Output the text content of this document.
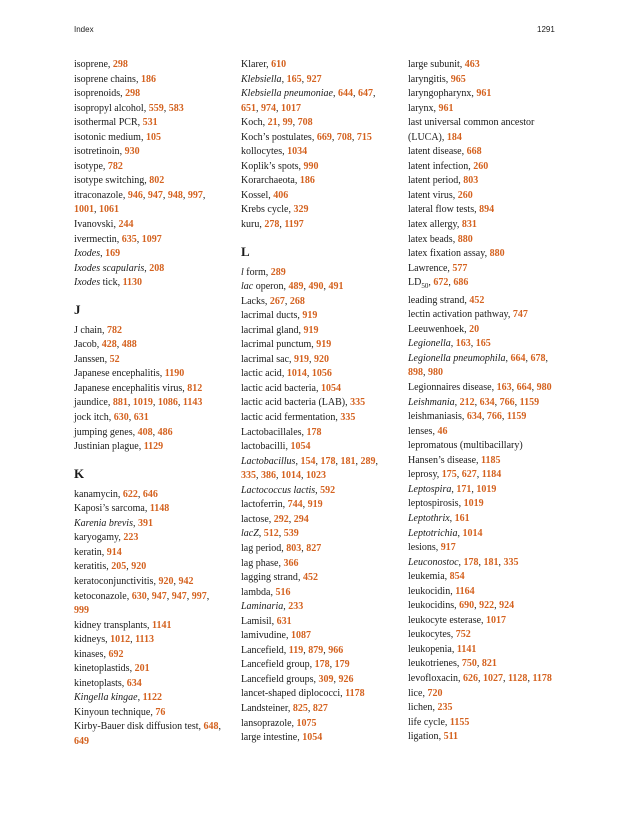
Index	1291
isoprene, 298
isoprene chains, 186
isoprenoids, 298
isopropyl alcohol, 559, 583
isothermal PCR, 531
isotonic medium, 105
isotretinoin, 930
isotype, 782
isotype switching, 802
itraconazole, 946, 947, 948, 997, 1001, 1061
Ivanovski, 244
ivermectin, 635, 1097
Ixodes, 169
Ixodes scapularis, 208
Ixodes tick, 1130
J
J chain, 782
Jacob, 428, 488
Janssen, 52
Japanese encephalitis, 1190
Japanese encephalitis virus, 812
jaundice, 881, 1019, 1086, 1143
jock itch, 630, 631
jumping genes, 408, 486
Justinian plague, 1129
K
kanamycin, 622, 646
Kaposi’s sarcoma, 1148
Karenia brevis, 391
karyogamy, 223
keratin, 914
keratitis, 205, 920
keratoconjunctivitis, 920, 942
ketoconazole, 630, 947, 947, 997, 999
kidney transplants, 1141
kidneys, 1012, 1113
kinases, 692
kinetoplastids, 201
kinetoplasts, 634
Kingella kingae, 1122
Kinyoun technique, 76
Kirby-Bauer disk diffusion test, 648, 649
Klarer, 610
Klebsiella, 165, 927
Klebsiella pneumoniae, 644, 647, 651, 974, 1017
Koch, 21, 99, 708
Koch’s postulates, 669, 708, 715
kollocytes, 1034
Koplik’s spots, 990
Korarchaeota, 186
Kossel, 406
Krebs cycle, 329
kuru, 278, 1197
L
l form, 289
lac operon, 489, 490, 491
Lacks, 267, 268
lacrimal ducts, 919
lacrimal gland, 919
lacrimal punctum, 919
lacrimal sac, 919, 920
lactic acid, 1014, 1056
lactic acid bacteria, 1054
lactic acid bacteria (LAB), 335
lactic acid fermentation, 335
Lactobacillales, 178
lactobacilli, 1054
Lactobacillus, 154, 178, 181, 289, 335, 386, 1014, 1023
Lactococcus lactis, 592
lactoferrin, 744, 919
lactose, 292, 294
lacZ, 512, 539
lag period, 803, 827
lag phase, 366
lagging strand, 452
lambda, 516
Laminaria, 233
Lamisil, 631
lamivudine, 1087
Lancefield, 119, 879, 966
Lancefield group, 178, 179
Lancefield groups, 309, 926
lancet-shaped diplococci, 1178
Landsteiner, 825, 827
lansoprazole, 1075
large intestine, 1054
large subunit, 463
laryngitis, 965
laryngopharynx, 961
larynx, 961
last universal common ancestor (LUCA), 184
latent disease, 668
latent infection, 260
latent period, 803
latent virus, 260
lateral flow tests, 894
latex allergy, 831
latex beads, 880
latex fixation assay, 880
Lawrence, 577
$LD_{50}$, 672, 686
leading strand, 452
lectin activation pathway, 747
Leeuwenhoek, 20
Legionella, 163, 165
Legionella pneumophila, 664, 678, 898, 980
Legionnaires disease, 163, 664, 980
Leishmania, 212, 634, 766, 1159
leishmaniasis, 634, 766, 1159
lenses, 46
lepromatous (multibacillary) Hansen’s disease, 1185
leprosy, 175, 627, 1184
Leptospira, 171, 1019
leptospirosis, 1019
Leptothrix, 161
Leptotrichia, 1014
lesions, 917
Leuconostoc, 178, 181, 335
leukemia, 854
leukocidin, 1164
leukocidins, 690, 922, 924
leukocyte esterase, 1017
leukocytes, 752
leukopenia, 1141
leukotrienes, 750, 821
levofloxacin, 626, 1027, 1128, 1178
lice, 720
lichen, 235
life cycle, 1155
ligation, 511
